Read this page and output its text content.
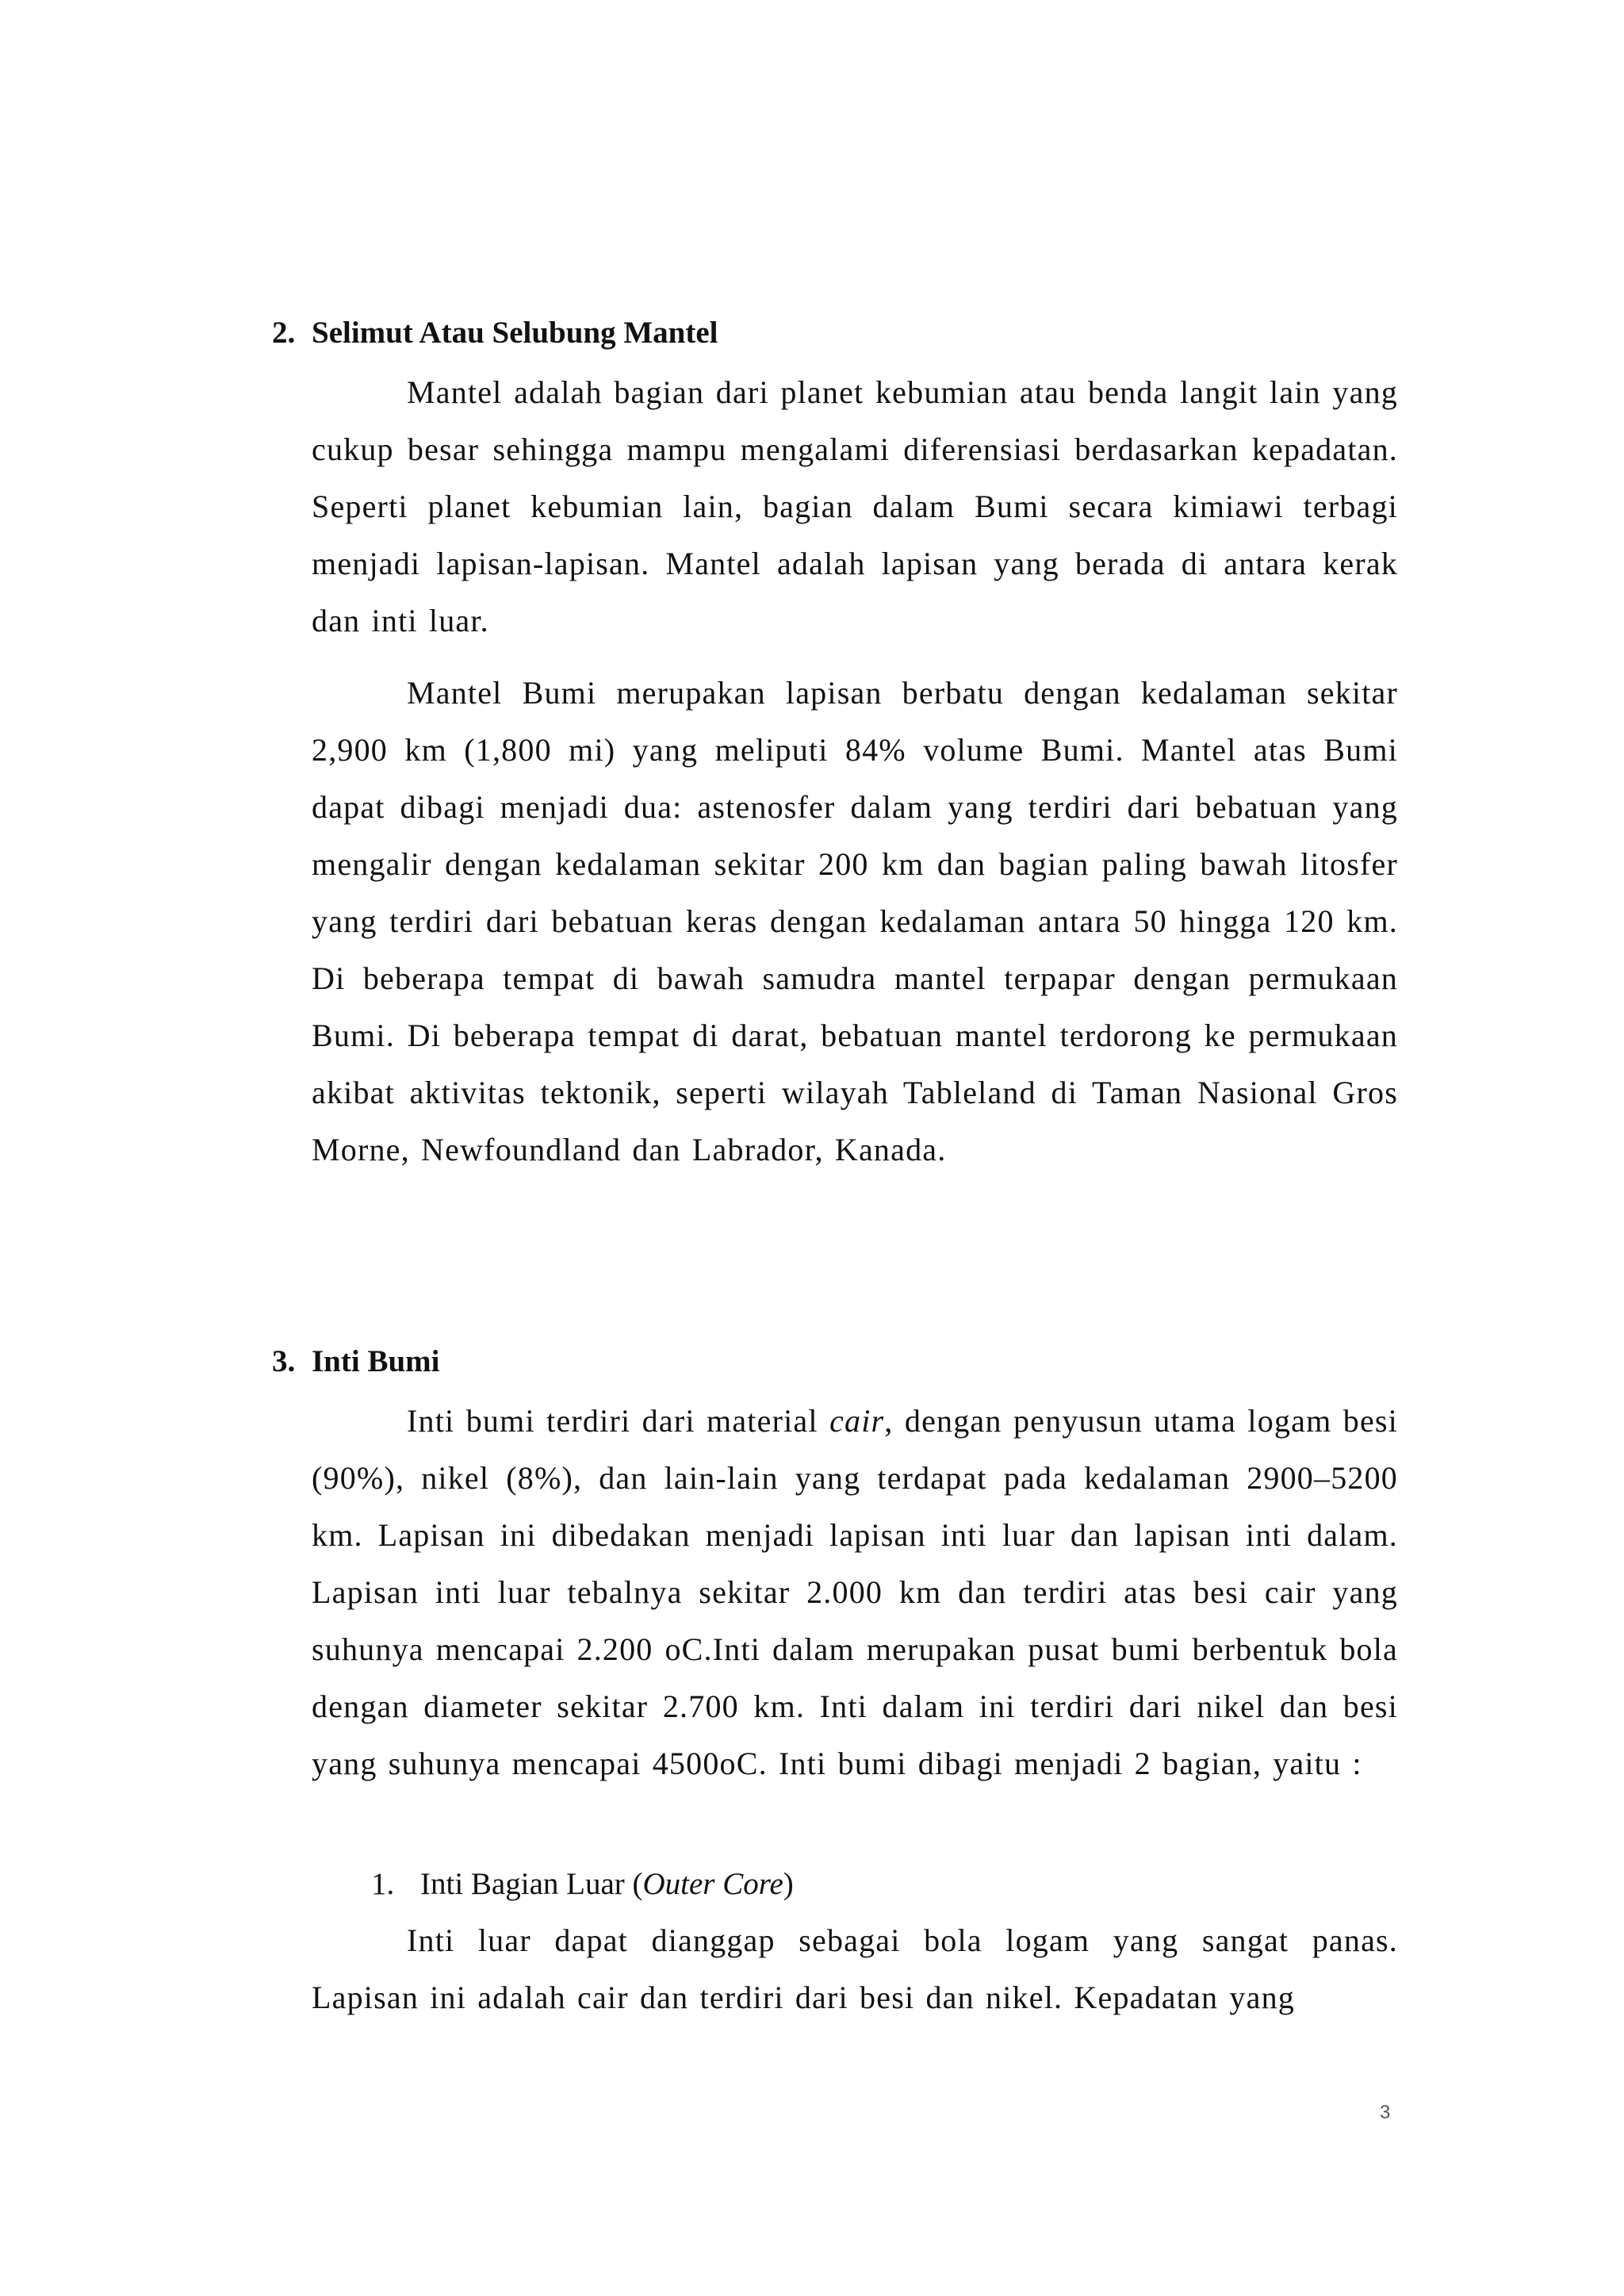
2. Selimut Atau Selubung Mantel

Mantel adalah bagian dari planet kebumian atau benda langit lain yang cukup besar sehingga mampu mengalami diferensiasi berdasarkan kepadatan. Seperti planet kebumian lain, bagian dalam Bumi secara kimiawi terbagi menjadi lapisan-lapisan. Mantel adalah lapisan yang berada di antara kerak dan inti luar.

Mantel Bumi merupakan lapisan berbatu dengan kedalaman sekitar 2,900 km (1,800 mi) yang meliputi 84% volume Bumi. Mantel atas Bumi dapat dibagi menjadi dua: astenosfer dalam yang terdiri dari bebatuan yang mengalir dengan kedalaman sekitar 200 km dan bagian paling bawah litosfer yang terdiri dari bebatuan keras dengan kedalaman antara 50 hingga 120 km. Di beberapa tempat di bawah samudra mantel terpapar dengan permukaan Bumi. Di beberapa tempat di darat, bebatuan mantel terdorong ke permukaan akibat aktivitas tektonik, seperti wilayah Tableland di Taman Nasional Gros Morne, Newfoundland dan Labrador, Kanada.

3. Inti Bumi

Inti bumi terdiri dari material cair, dengan penyusun utama logam besi (90%), nikel (8%), dan lain-lain yang terdapat pada kedalaman 2900–5200 km. Lapisan ini dibedakan menjadi lapisan inti luar dan lapisan inti dalam. Lapisan inti luar tebalnya sekitar 2.000 km dan terdiri atas besi cair yang suhunya mencapai 2.200 oC.Inti dalam merupakan pusat bumi berbentuk bola dengan diameter sekitar 2.700 km. Inti dalam ini terdiri dari nikel dan besi yang suhunya mencapai 4500oC. Inti bumi dibagi menjadi 2 bagian, yaitu :

1. Inti Bagian Luar (Outer Core)

Inti luar dapat dianggap sebagai bola logam yang sangat panas. Lapisan ini adalah cair dan terdiri dari besi dan nikel. Kepadatan yang

3
